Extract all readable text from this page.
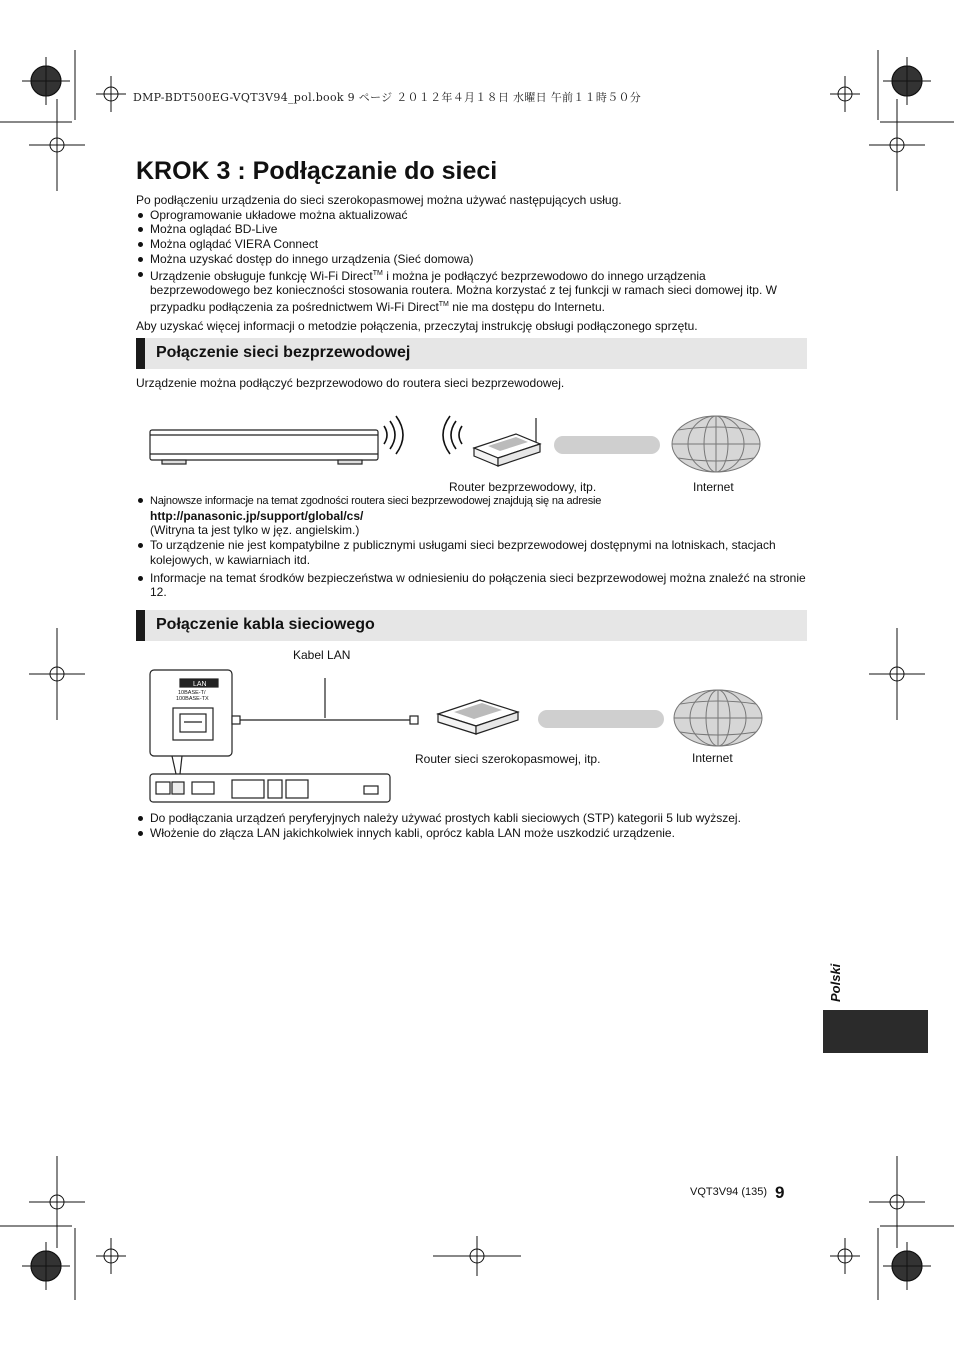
DMP-BDT500EG-VQT3V94_pol.book 9 ページ ２０１２年４月１８日 水曜日 午前１１時５０分
KROK 3 : Podłączanie do sieci

Po podłączeniu urządzenia do sieci szerokopasmowej można używać następujących usług.

Oprogramowanie układowe można aktualizować
Można oglądać BD-Live
Można oglądać VIERA Connect
Można uzyskać dostęp do innego urządzenia (Sieć domowa)
Urządzenie obsługuje funkcję Wi-Fi Direct™ i można je podłączyć bezprzewodowo do innego urządzenia bezprzewodowego bez konieczności stosowania routera. Można korzystać z tej funkcji w ramach sieci domowej itp. W przypadku podłączenia za pośrednictwem Wi-Fi Direct™ nie ma dostępu do Internetu.

Aby uzyskać więcej informacji o metodzie połączenia, przeczytaj instrukcję obsługi podłączonego sprzętu.

Połączenie sieci bezprzewodowej

Urządzenie można podłączyć bezprzewodowo do routera sieci bezprzewodowej.

Router bezprzewodowy, itp.	Internet
Najnowsze informacje na temat zgodności routera sieci bezprzewodowej znajdują się na adresie
http://panasonic.jp/support/global/cs/
(Witryna ta jest tylko w jęz. angielskim.)
To urządzenie nie jest kompatybilne z publicznymi usługami sieci bezprzewodowej dostępnymi na lotniskach, stacjach kolejowych, w kawiarniach itd.
Informacje na temat środków bezpieczeństwa w odniesieniu do połączenia sieci bezprzewodowej można znaleźć na stronie 12.
Połączenie kabla sieciowego
Kabel LAN
LAN
10BASE-T/
100BASE-TX
Router sieci szerokopasmowej, itp.	Internet
Do podłączania urządzeń peryferyjnych należy używać prostych kabli sieciowych (STP) kategorii 5 lub wyższej.
Włożenie do złącza LAN jakichkolwiek innych kabli, oprócz kabla LAN może uszkodzić urządzenie.
Polski
VQT3V94 (135) 9
